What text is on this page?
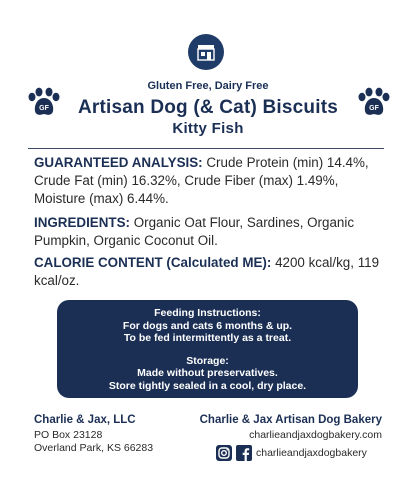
Gluten Free, Dairy Free
GF	Artisan Dog (& Cat) Biscuits
Kitty Fish
GF
GUARANTEED ANALYSIS: Crude Protein (min) 14.4%, Crude Fat (min) 16.32%, Crude Fiber (max) 1.49%, Moisture (max) 6.44%.
INGREDIENTS: Organic Oat Flour, Sardines, Organic Pumpkin, Organic Coconut Oil.
CALORIE CONTENT (Calculated ME): 4200 kcal/kg, 119 kcal/oz.
Feeding Instructions:
For dogs and cats 6 months & up.
To be fed intermittently as a treat.
Storage:
Made without preservatives.
Store tightly sealed in a cool, dry place.
Charlie & Jax, LLC
PO Box 23128
Overland Park, KS 66283
Charlie & Jax Artisan Dog Bakery
charlieandjaxdogbakery.com
charlieandjaxdogbakery
